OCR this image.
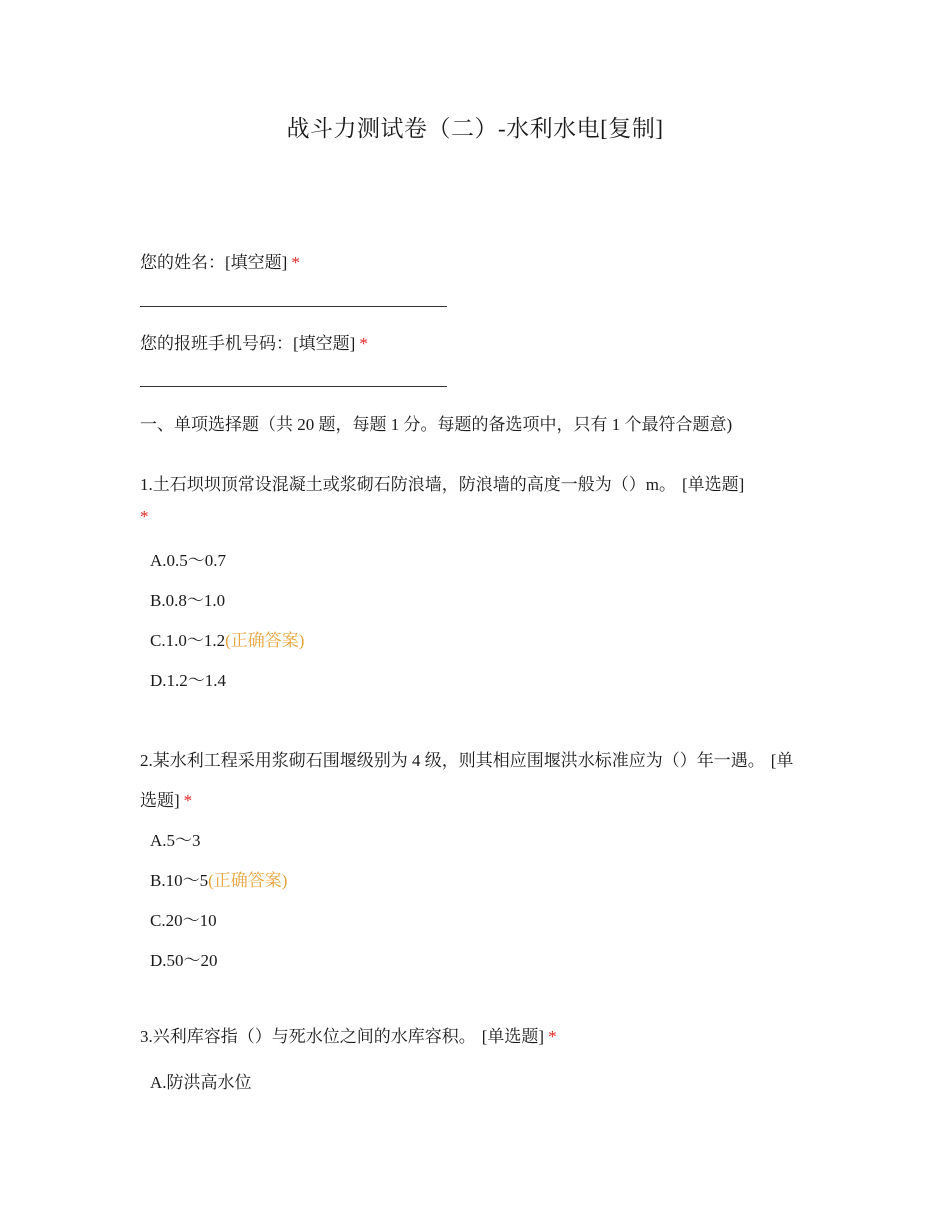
战斗力测试卷（二）-水利水电[复制]
您的姓名：[填空题] *
您的报班手机号码：[填空题] *
一、单项选择题（共 20 题，每题 1 分。每题的备选项中，只有 1 个最符合题意)
1.土石坝坝顶常设混凝土或浆砌石防浪墙，防浪墙的高度一般为（）m。 [单选题]
*
A.0.5～0.7
B.0.8～1.0
C.1.0～1.2(正确答案)
D.1.2～1.4
2.某水利工程采用浆砌石围堰级别为 4 级，则其相应围堰洪水标准应为（）年一遇。 [单选题] *
A.5～3
B.10～5(正确答案)
C.20～10
D.50～20
3.兴利库容指（）与死水位之间的水库容积。 [单选题] *
A.防洪高水位
